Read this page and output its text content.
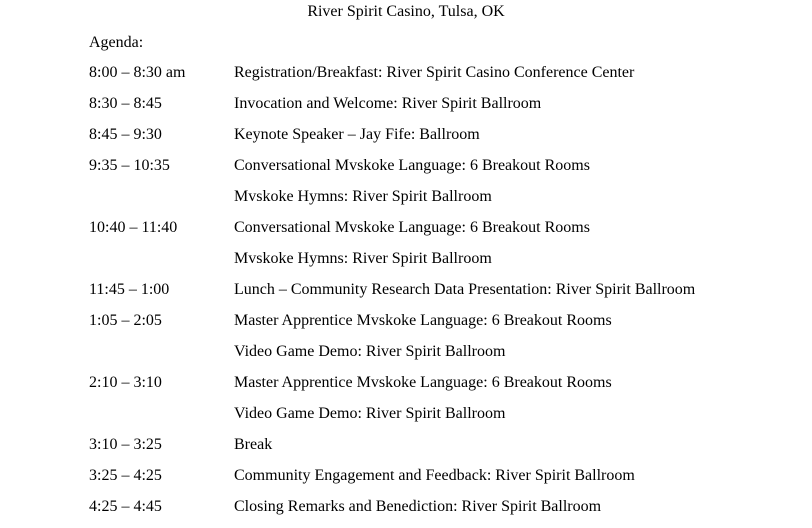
River Spirit Casino, Tulsa, OK
Agenda:
8:00 – 8:30 am	Registration/Breakfast: River Spirit Casino Conference Center
8:30 – 8:45	Invocation and Welcome: River Spirit Ballroom
8:45 – 9:30	Keynote Speaker – Jay Fife: Ballroom
9:35 – 10:35	Conversational Mvskoke Language: 6 Breakout Rooms
Mvskoke Hymns: River Spirit Ballroom
10:40 – 11:40	Conversational Mvskoke Language: 6 Breakout Rooms
Mvskoke Hymns: River Spirit Ballroom
11:45 – 1:00	Lunch – Community Research Data Presentation: River Spirit Ballroom
1:05 – 2:05	Master Apprentice Mvskoke Language: 6 Breakout Rooms
Video Game Demo: River Spirit Ballroom
2:10 – 3:10	Master Apprentice Mvskoke Language: 6 Breakout Rooms
Video Game Demo: River Spirit Ballroom
3:10 – 3:25	Break
3:25 – 4:25	Community Engagement and Feedback: River Spirit Ballroom
4:25 – 4:45	Closing Remarks and Benediction: River Spirit Ballroom
